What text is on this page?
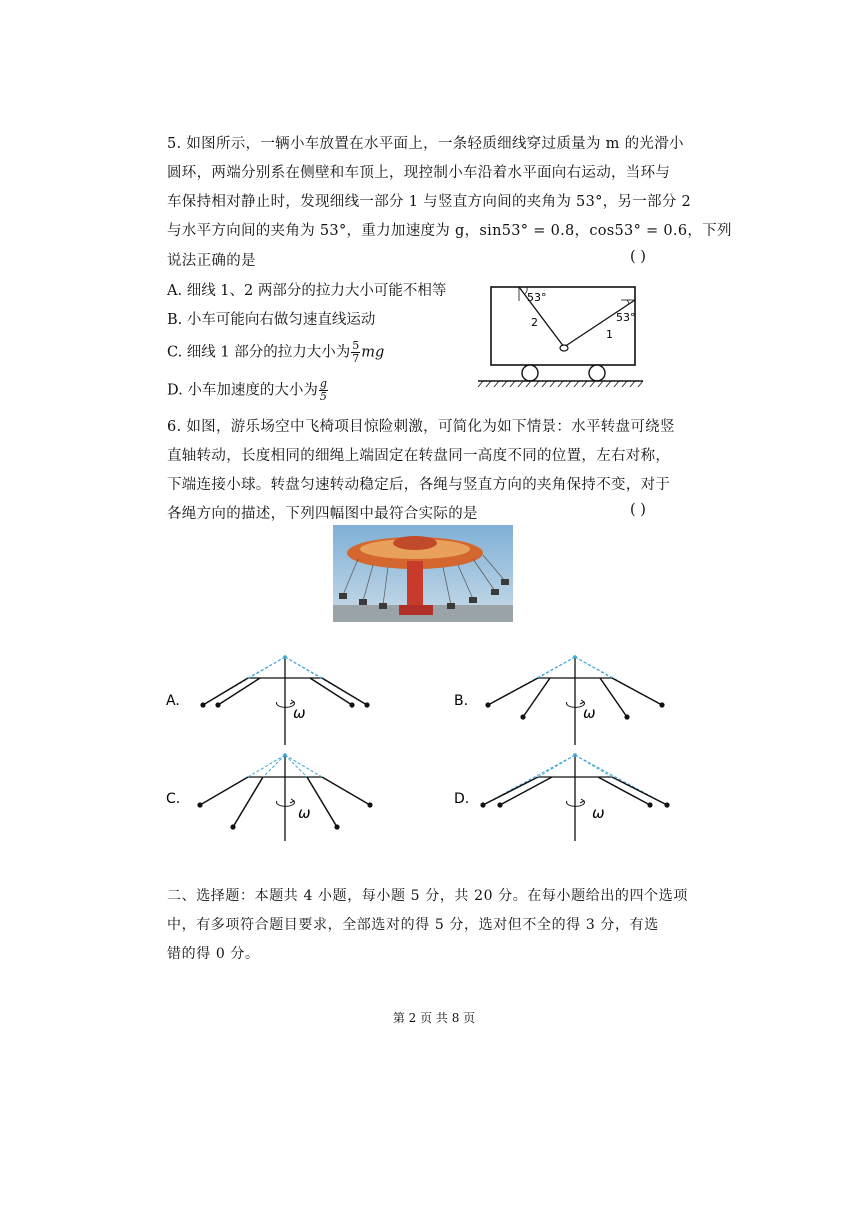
5. 如图所示，一辆小车放置在水平面上，一条轻质细线穿过质量为 m 的光滑小
圆环，两端分别系在侧壁和车顶上，现控制小车沿着水平面向右运动，当环与
车保持相对静止时，发现细线一部分 1 与竖直方向间的夹角为 53°，另一部分 2
与水平方向间的夹角为 53°，重力加速度为 g，sin53° = 0.8，cos53° = 0.6，下列
说法正确的是	( )
A. 细线 1、2 两部分的拉力大小可能不相等
B. 小车可能向右做匀速直线运动
C. 细线 1 部分的拉力大小为 $\frac{5}{7}$ mg
D. 小车加速度的大小为 $\frac{g}{5}$
53°
53°
2
1
6. 如图，游乐场空中飞椅项目惊险刺激，可简化为如下情景：水平转盘可绕竖
直轴转动，长度相同的细绳上端固定在转盘同一高度不同的位置，左右对称，
下端连接小球。转盘匀速转动稳定后，各绳与竖直方向的夹角保持不变，对于
各绳方向的描述，下列四幅图中最符合实际的是	( )
A.
ω
B.
ω
C.
ω
D.
ω
二、选择题：本题共 4 小题，每小题 5 分，共 20 分。在每小题给出的四个选项
中，有多项符合题目要求，全部选对的得 5 分，选对但不全的得 3 分，有选
错的得 0 分。
第 2 页 共 8 页
